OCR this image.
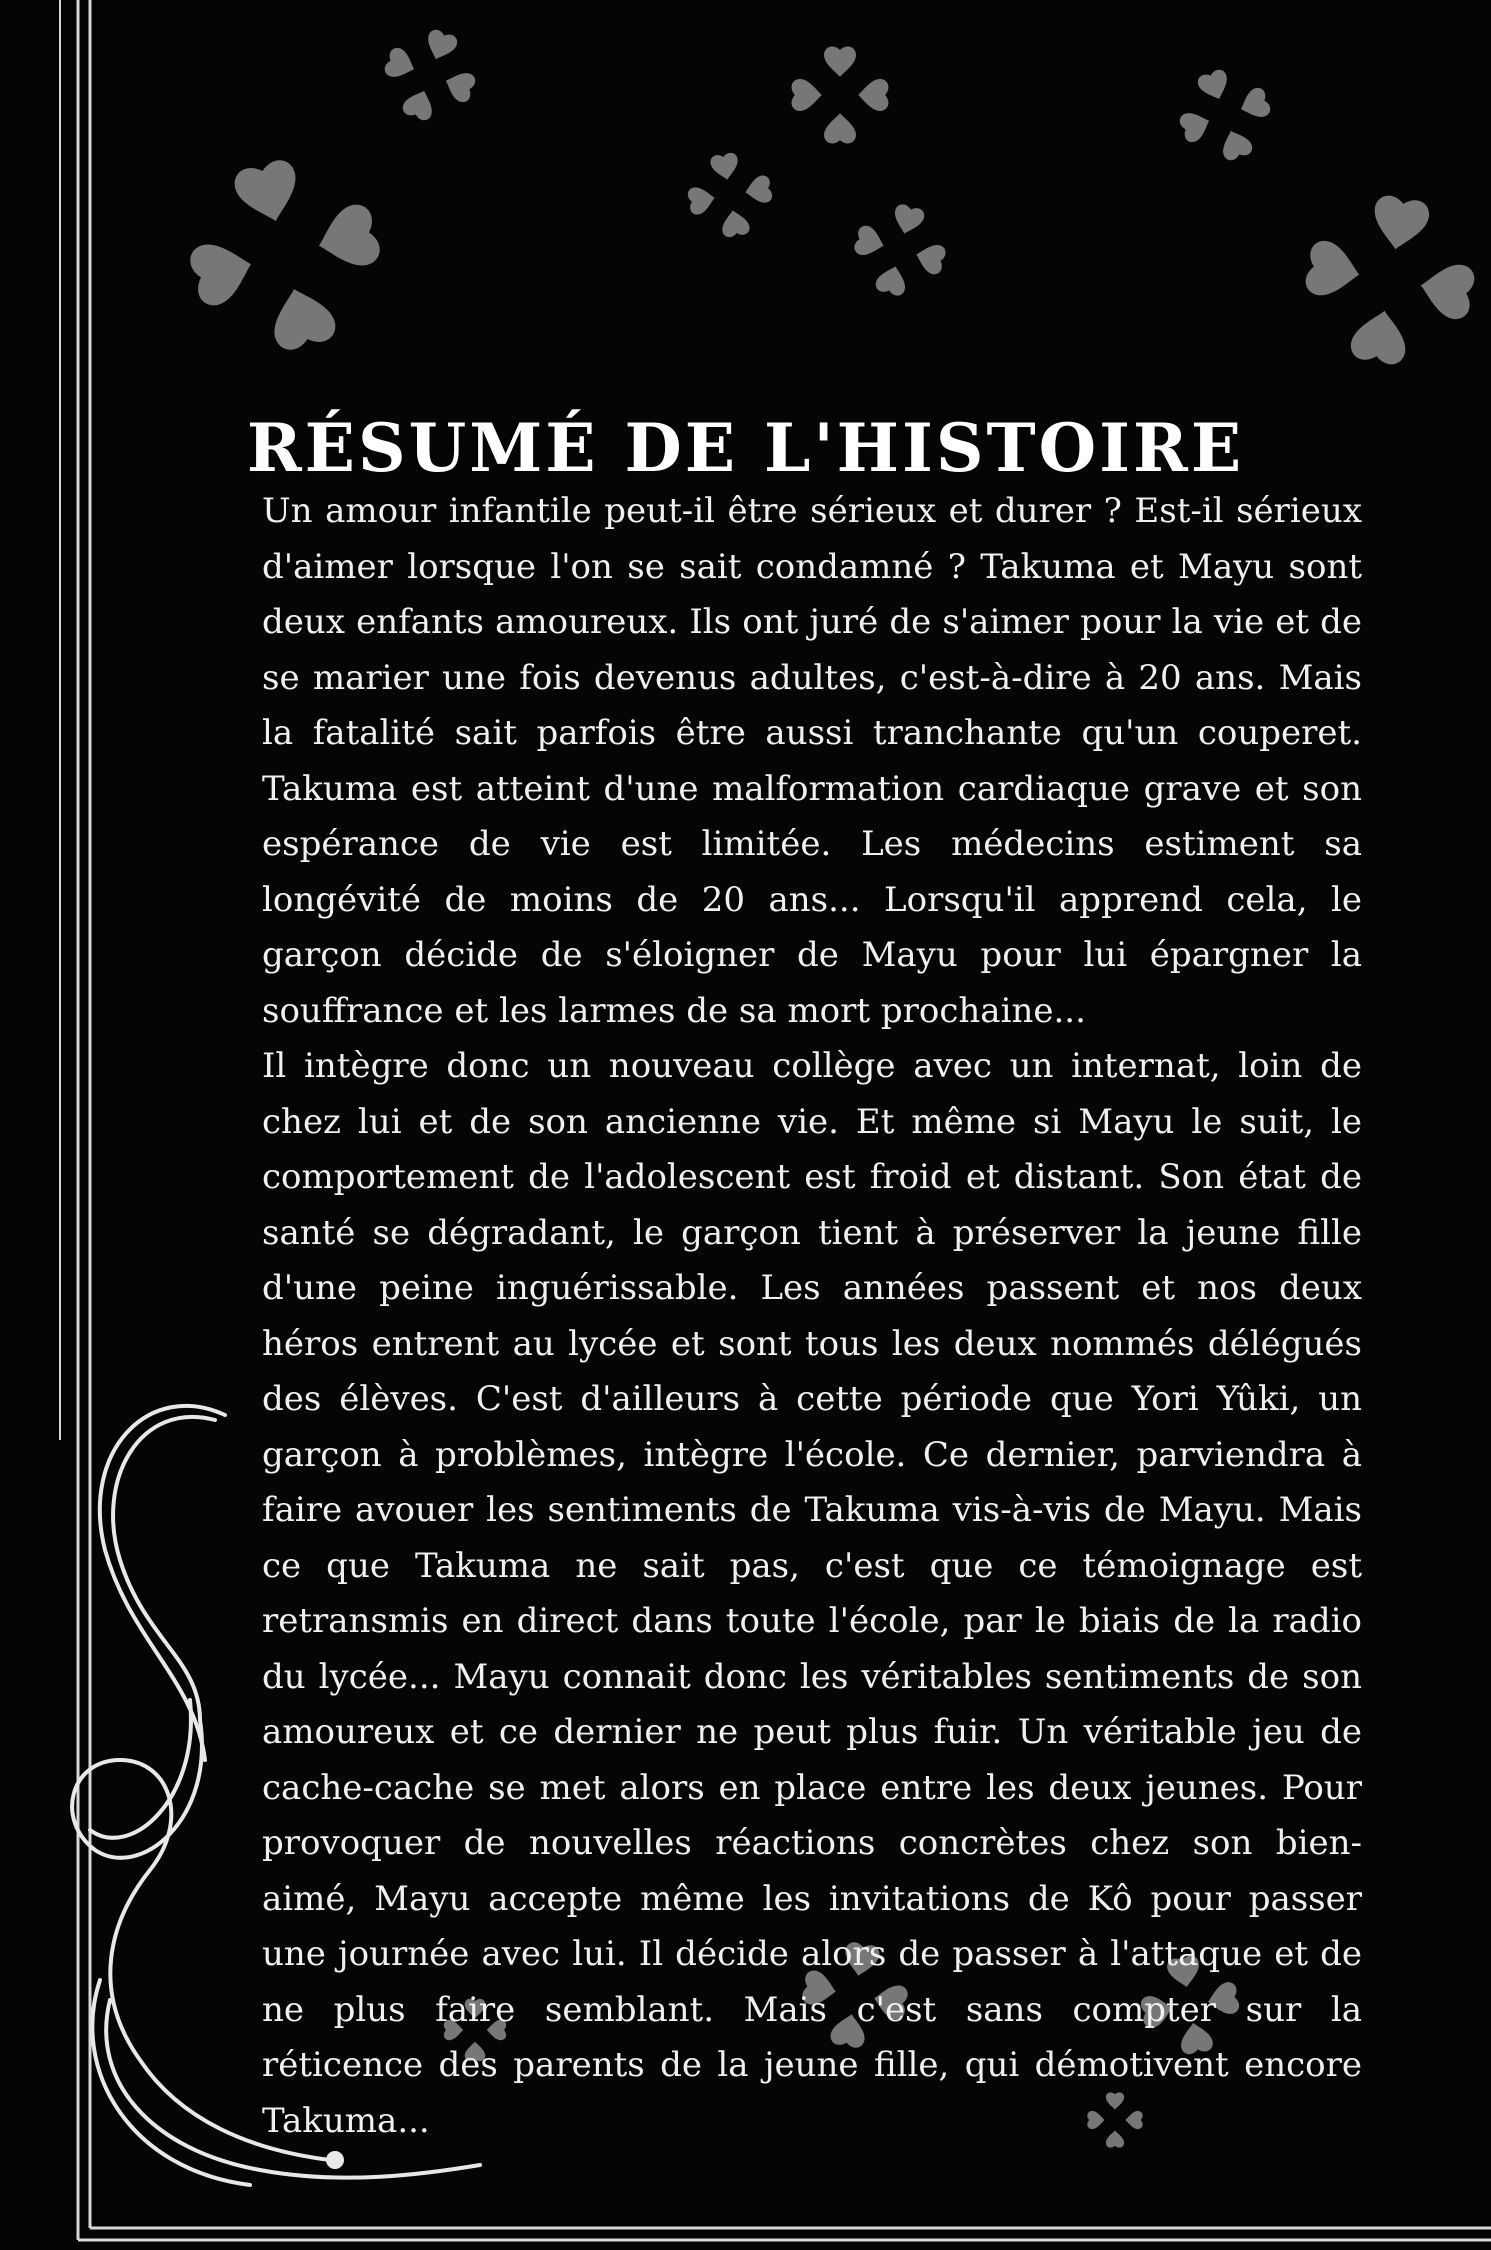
RÉSUMÉ DE L'HISTOIRE

Un amour infantile peut-il être sérieux et durer ? Est-il sérieux d'aimer lorsque l'on se sait condamné ? Takuma et Mayu sont deux enfants amoureux. Ils ont juré de s'aimer pour la vie et de se marier une fois devenus adultes, c'est-à-dire à 20 ans. Mais la fatalité sait parfois être aussi tranchante qu'un couperet. Takuma est atteint d'une malformation cardiaque grave et son espérance de vie est limitée. Les médecins estiment sa longévité de moins de 20 ans... Lorsqu'il apprend cela, le garçon décide de s'éloigner de Mayu pour lui épargner la souffrance et les larmes de sa mort prochaine...

Il intègre donc un nouveau collège avec un internat, loin de chez lui et de son ancienne vie. Et même si Mayu le suit, le comportement de l'adolescent est froid et distant. Son état de santé se dégradant, le garçon tient à préserver la jeune fille d'une peine inguérissable. Les années passent et nos deux héros entrent au lycée et sont tous les deux nommés délégués des élèves. C'est d'ailleurs à cette période que Yori Yûki, un garçon à problèmes, intègre l'école. Ce dernier, parviendra à faire avouer les sentiments de Takuma vis-à-vis de Mayu. Mais ce que Takuma ne sait pas, c'est que ce témoignage est retransmis en direct dans toute l'école, par le biais de la radio du lycée... Mayu connait donc les véritables sentiments de son amoureux et ce dernier ne peut plus fuir. Un véritable jeu de cache-cache se met alors en place entre les deux jeunes. Pour provoquer de nouvelles réactions concrètes chez son bien-aimé, Mayu accepte même les invitations de Kô pour passer une journée avec lui. Il décide alors de passer à l'attaque et de ne plus faire semblant. Mais c'est sans compter sur la réticence des parents de la jeune fille, qui démotivent encore Takuma...
